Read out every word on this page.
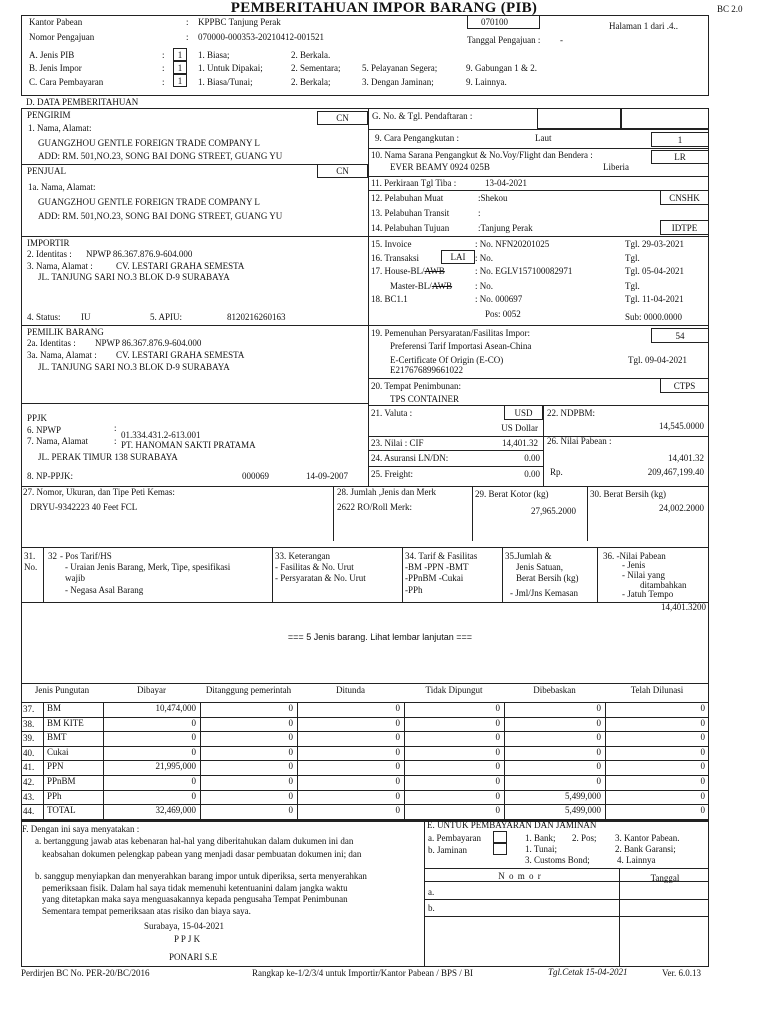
PEMBERITAHUAN IMPOR BARANG (PIB)	BC 2.0
Kantor Pabean	: KPPBC Tanjung Perak	070100	Halaman 1 dari .4..
Nomor Pengajuan	: 070000-000353-20210412-001521	Tanggal Pengajuan : -
A. Jenis PIB	:	1	1. Biasa;	2. Berkala.
B. Jenis Impor	:	1	1. Untuk Dipakai;	2. Sementara; 5. Pelayanan Segera;	9. Gabungan 1 & 2.
C. Cara Pembayaran	:	1	1. Biasa/Tunai;	2. Berkala;	3. Dengan Jaminan;	9. Lainnya.
D. DATA PEMBERITAHUAN
PENGIRIM	CN
1. Nama, Alamat:
GUANGZHOU GENTLE FOREIGN TRADE COMPANY L
ADD: RM. 501,NO.23, SONG BAI DONG STREET, GUANG YU
PENJUAL	CN
1a. Nama, Alamat:
GUANGZHOU GENTLE FOREIGN TRADE COMPANY L
ADD: RM. 501,NO.23, SONG BAI DONG STREET, GUANG YU
IMPORTIR
2. Identitas : NPWP 86.367.876.9-604.000
3. Nama, Alamat :	CV. LESTARI GRAHA SEMESTA
JL. TANJUNG SARI NO.3 BLOK D-9 SURABAYA
4. Status: IU	5. APIU:	8120216260163
PEMILIK BARANG
2a. Identitas : NPWP 86.367.876.9-604.000
3a. Nama, Alamat : CV. LESTARI GRAHA SEMESTA
JL. TANJUNG SARI NO.3 BLOK D-9 SURABAYA
PPJK
6. NPWP	:
01.334.431.2-613.001
7. Nama, Alamat	: PT. HANOMAN SAKTI PRATAMA
JL. PERAK TIMUR 138 SURABAYA
8. NP-PPJK:	000069	14-09-2007
G. No. & Tgl. Pendaftaran :
9. Cara Pengangkutan :	Laut	1
10. Nama Sarana Pengangkut & No.Voy/Flight dan Bendera :
EVER BEAMY 0924 025B	Liberia
LR
11. Perkiraan Tgl Tiba :	13-04-2021
12. Pelabuhan Muat	:Shekou	CNSHK
13. Pelabuhan Transit	:
14. Pelabuhan Tujuan	:Tanjung Perak	IDTPE
15. Invoice	: No. NFN20201025	Tgl. 29-03-2021
16. Transaksi	LAI	: No.	Tgl.
17. House-BL/AWB	: No. EGLV157100082971	Tgl. 05-04-2021
Master-BL/AWB	: No.	Tgl.
18. BC1.1	: No. 000697	Tgl. 11-04-2021
Pos: 0052	Sub: 0000.0000
19. Pemenuhan Persyaratan/Fasilitas Impor:	54
Preferensi Tarif Importasi Asean-China
E-Certificate Of Origin (E-CO)
E217676899661022
Tgl. 09-04-2021
20. Tempat Penimbunan:
TPS CONTAINER
CTPS
21. Valuta :	USD
US Dollar
22. NDPBM:
14,545.0000
23. Nilai : CIF	14,401.32 26. Nilai Pabean :
14,401.32
24. Asuransi LN/DN:	0.00
25. Freight:	0.00 Rp.	209,467,199.40
27. Nomor, Ukuran, dan Tipe Peti Kemas:
DRYU-9342223 40 Feet FCL
28. Jumlah ,Jenis dan Merk
2622 RO/Roll Merk:
29. Berat Kotor (kg)
27,965.2000
30. Berat Bersih (kg)
24,002.2000
31.
No.
32 - Pos Tarif/HS
- Uraian Jenis Barang, Merk, Tipe, spesifikasi
wajib
- Negasa Asal Barang
33. Keterangan
- Fasilitas & No. Urut
- Persyaratan & No. Urut
34. Tarif & Fasilitas
-BM -PPN -BMT
-PPnBM -Cukai
-PPh
35.Jumlah &
Jenis Satuan,
Berat Bersih (kg)
- Jml/Jns Kemasan
36. -Nilai Pabean
- Jenis
- Nilai yang
ditambahkan
- Jatuh Tempo
14,401.3200
=== 5 Jenis barang. Lihat lembar lanjutan ===
Jenis Pungutan	Dibayar	Ditanggung pemerintah	Ditunda	Tidak Dipungut	Dibebaskan	Telah Dilunasi
37. BM	10,474,000	0	0	0	0	0
38. BM KITE	0	0	0	0	0	0
39. BMT	0	0	0	0	0	0
40. Cukai	0	0	0	0	0	0
41. PPN	21,995,000	0	0	0	0	0
42. PPnBM	0	0	0	0	0	0
43. PPh	0	0	0	0	5,499,000	0
44. TOTAL	32,469,000	0	0	0	5,499,000	0
F. Dengan ini saya menyatakan :
a. bertanggung jawab atas kebenaran hal-hal yang diberitahukan dalam dukumen ini dan
keabsahan dokumen pelengkap pabean yang menjadi dasar pembuatan dokumen ini; dan
b. sanggup menyiapkan dan menyerahkan barang impor untuk diperiksa, serta menyerahkan
pemeriksaan fisik. Dalam hal saya tidak memenuhi ketentuanini dalam jangka waktu
yang ditetapkan maka saya menguasakannya kepada pengusaha Tempat Penimbunan
Sementara tempat pemeriksaan atas risiko dan biaya saya.
Surabaya, 15-04-2021
P P J K
PONARI S.E
E. UNTUK PEMBAYARAN DAN JAMINAN
a. Pembayaran
b. Jaminan
1. Bank; 2. Pos; 3. Kantor Pabean.
1. Tunai;	2. Bank Garansi;
3. Customs Bond;	4. Lainnya
N o m o r	Tanggal
a.
b.
Perdirjen BC No. PER-20/BC/2016	Rangkap ke-1/2/3/4 untuk Importir/Kantor Pabean / BPS / BI	Tgl.Cetak 15-04-2021	Ver. 6.0.13
